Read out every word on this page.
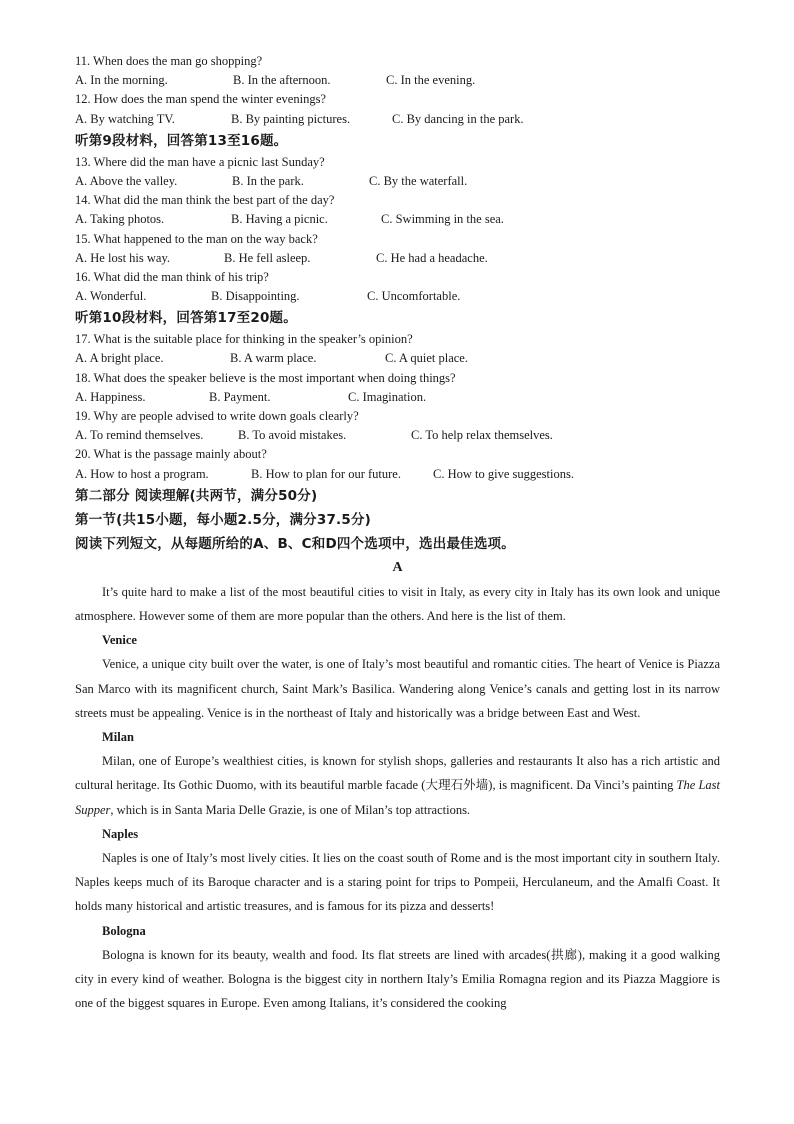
11. When does the man go shopping?
A. In the morning.	B. In the afternoon.	C. In the evening.
12. How does the man spend the winter evenings?
A. By watching TV.	B. By painting pictures.	C. By dancing in the park.
听第9段材料，回答第13至16题。
13. Where did the man have a picnic last Sunday?
A. Above the valley.	B. In the park.	C. By the waterfall.
14. What did the man think the best part of the day?
A. Taking photos.	B. Having a picnic.	C. Swimming in the sea.
15. What happened to the man on the way back?
A. He lost his way.	B. He fell asleep.	C. He had a headache.
16. What did the man think of his trip?
A. Wonderful.	B. Disappointing.	C. Uncomfortable.
听第10段材料，回答第17至20题。
17. What is the suitable place for thinking in the speaker’s opinion?
A. A bright place.	B. A warm place.	C. A quiet place.
18. What does the speaker believe is the most important when doing things?
A. Happiness.	B. Payment.	C. Imagination.
19. Why are people advised to write down goals clearly?
A. To remind themselves.	B. To avoid mistakes.	C. To help relax themselves.
20. What is the passage mainly about?
A. How to host a program.	B. How to plan for our future.	C. How to give suggestions.
第二部分 阅读理解(共两节，满分50分)
第一节(共15小题，每小题2.5分，满分37.5分)
阅读下列短文，从每题所给的A、B、C和D四个选项中，选出最佳选项。
A

It’s quite hard to make a list of the most beautiful cities to visit in Italy, as every city in Italy has its own look and unique atmosphere. However some of them are more popular than the others. And here is the list of them.

Venice

Venice, a unique city built over the water, is one of Italy’s most beautiful and romantic cities. The heart of Venice is Piazza San Marco with its magnificent church, Saint Mark’s Basilica. Wandering along Venice’s canals and getting lost in its narrow streets must be appealing. Venice is in the northeast of Italy and historically was a bridge between East and West.

Milan

Milan, one of Europe’s wealthiest cities, is known for stylish shops, galleries and restaurants It also has a rich artistic and cultural heritage. Its Gothic Duomo, with its beautiful marble facade (大理石外墙), is magnificent. Da Vinci’s painting The Last Supper, which is in Santa Maria Delle Grazie, is one of Milan’s top attractions.

Naples

Naples is one of Italy’s most lively cities. It lies on the coast south of Rome and is the most important city in southern Italy. Naples keeps much of its Baroque character and is a staring point for trips to Pompeii, Herculaneum, and the Amalfi Coast. It holds many historical and artistic treasures, and is famous for its pizza and desserts!

Bologna

Bologna is known for its beauty, wealth and food. Its flat streets are lined with arcades(拱廊), making it a good walking city in every kind of weather. Bologna is the biggest city in northern Italy’s Emilia Romagna region and its Piazza Maggiore is one of the biggest squares in Europe. Even among Italians, it’s considered the cooking
